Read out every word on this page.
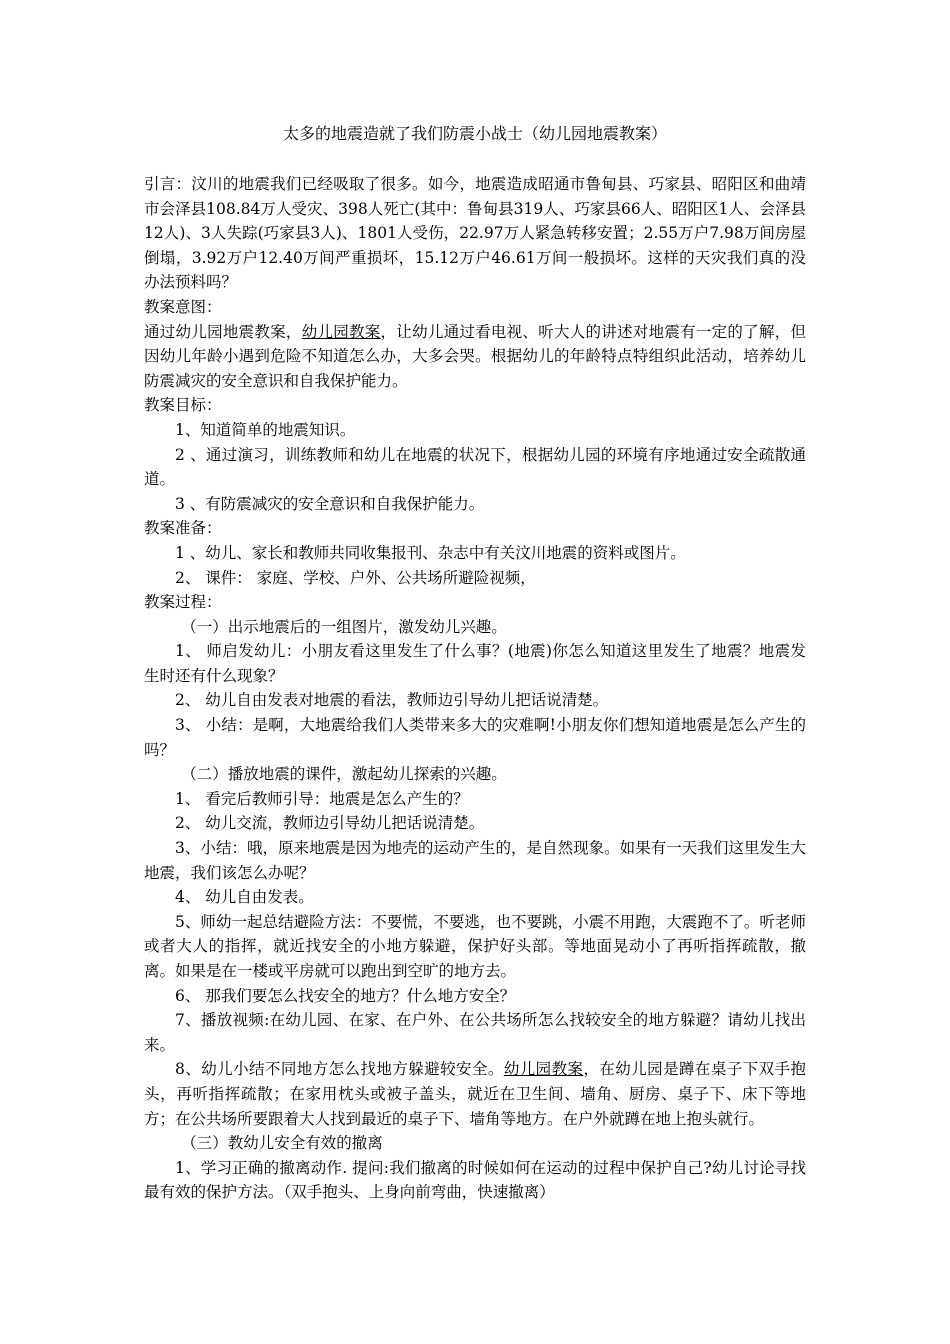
太多的地震造就了我们防震小战士（幼儿园地震教案）

引言：汶川的地震我们已经吸取了很多。如今，地震造成昭通市鲁甸县、巧家县、昭阳区和曲靖市会泽县108.84万人受灾、398人死亡(其中：鲁甸县319人、巧家县66人、昭阳区1人、会泽县12人)、3人失踪(巧家县3人)、1801人受伤，22.97万人紧急转移安置；2.55万户7.98万间房屋倒塌，3.92万户12.40万间严重损坏，15.12万户46.61万间一般损坏。这样的天灾我们真的没办法预料吗？

教案意图：

通过幼儿园地震教案，幼儿园教案，让幼儿通过看电视、听大人的讲述对地震有一定的了解，但因幼儿年龄小遇到危险不知道怎么办，大多会哭。根据幼儿的年龄特点特组织此活动，培养幼儿防震减灾的安全意识和自我保护能力。

教案目标：

1、知道简单的地震知识。

2 、通过演习，训练教师和幼儿在地震的状况下，根据幼儿园的环境有序地通过安全疏散通道。

3 、有防震减灾的安全意识和自我保护能力。

教案准备：

1 、幼儿、家长和教师共同收集报刊、杂志中有关汶川地震的资料或图片。

2、 课件： 家庭、学校、户外、公共场所避险视频，

教案过程：

（一）出示地震后的一组图片，激发幼儿兴趣。

1、 师启发幼儿：小朋友看这里发生了什么事？(地震)你怎么知道这里发生了地震？地震发生时还有什么现象？

2、 幼儿自由发表对地震的看法，教师边引导幼儿把话说清楚。

3、 小结：是啊，大地震给我们人类带来多大的灾难啊!小朋友你们想知道地震是怎么产生的吗？

（二）播放地震的课件，激起幼儿探索的兴趣。

1、 看完后教师引导：地震是怎么产生的？

2、 幼儿交流，教师边引导幼儿把话说清楚。

3、小结：哦，原来地震是因为地壳的运动产生的，是自然现象。如果有一天我们这里发生大地震，我们该怎么办呢？

4、 幼儿自由发表。

5、师幼一起总结避险方法：不要慌，不要逃，也不要跳，小震不用跑，大震跑不了。听老师或者大人的指挥，就近找安全的小地方躲避，保护好头部。等地面晃动小了再听指挥疏散，撤离。如果是在一楼或平房就可以跑出到空旷的地方去。

6、 那我们要怎么找安全的地方？什么地方安全？

7、播放视频:在幼儿园、在家、在户外、在公共场所怎么找较安全的地方躲避？请幼儿找出来。

8、幼儿小结不同地方怎么找地方躲避较安全。幼儿园教案，在幼儿园是蹲在桌子下双手抱头，再听指挥疏散；在家用枕头或被子盖头，就近在卫生间、墙角、厨房、桌子下、床下等地方；在公共场所要跟着大人找到最近的桌子下、墙角等地方。在户外就蹲在地上抱头就行。

（三）教幼儿安全有效的撤离

1、学习正确的撤离动作. 提问:我们撤离的时候如何在运动的过程中保护自己?幼儿讨论寻找最有效的保护方法。（双手抱头、上身向前弯曲，快速撤离）
